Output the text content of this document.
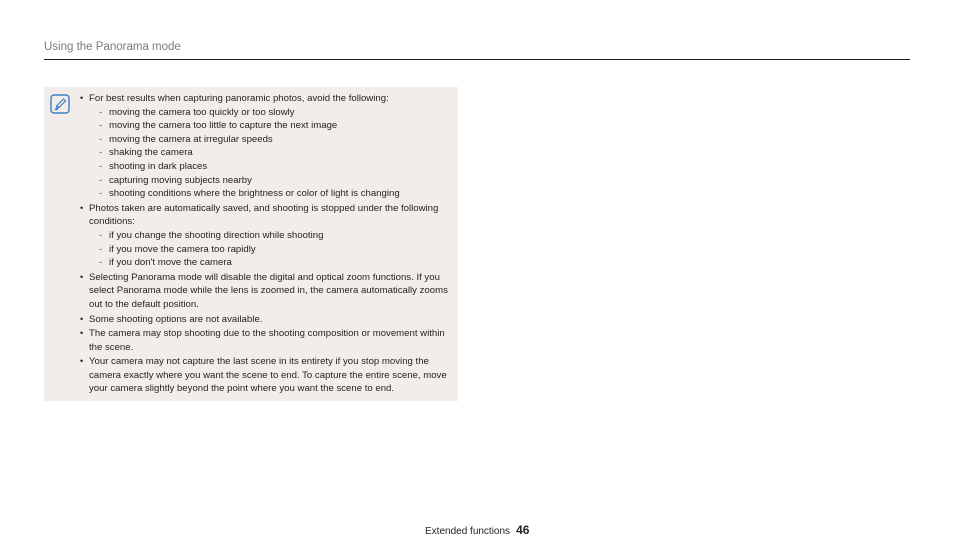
Using the Panorama mode
• For best results when capturing panoramic photos, avoid the following:
- moving the camera too quickly or too slowly
- moving the camera too little to capture the next image
- moving the camera at irregular speeds
- shaking the camera
- shooting in dark places
- capturing moving subjects nearby
- shooting conditions where the brightness or color of light is changing
• Photos taken are automatically saved, and shooting is stopped under the following conditions:
- if you change the shooting direction while shooting
- if you move the camera too rapidly
- if you don't move the camera
• Selecting Panorama mode will disable the digital and optical zoom functions. If you select Panorama mode while the lens is zoomed in, the camera automatically zooms out to the default position.
• Some shooting options are not available.
• The camera may stop shooting due to the shooting composition or movement within the scene.
• Your camera may not capture the last scene in its entirety if you stop moving the camera exactly where you want the scene to end. To capture the entire scene, move your camera slightly beyond the point where you want the scene to end.
Extended functions 46
